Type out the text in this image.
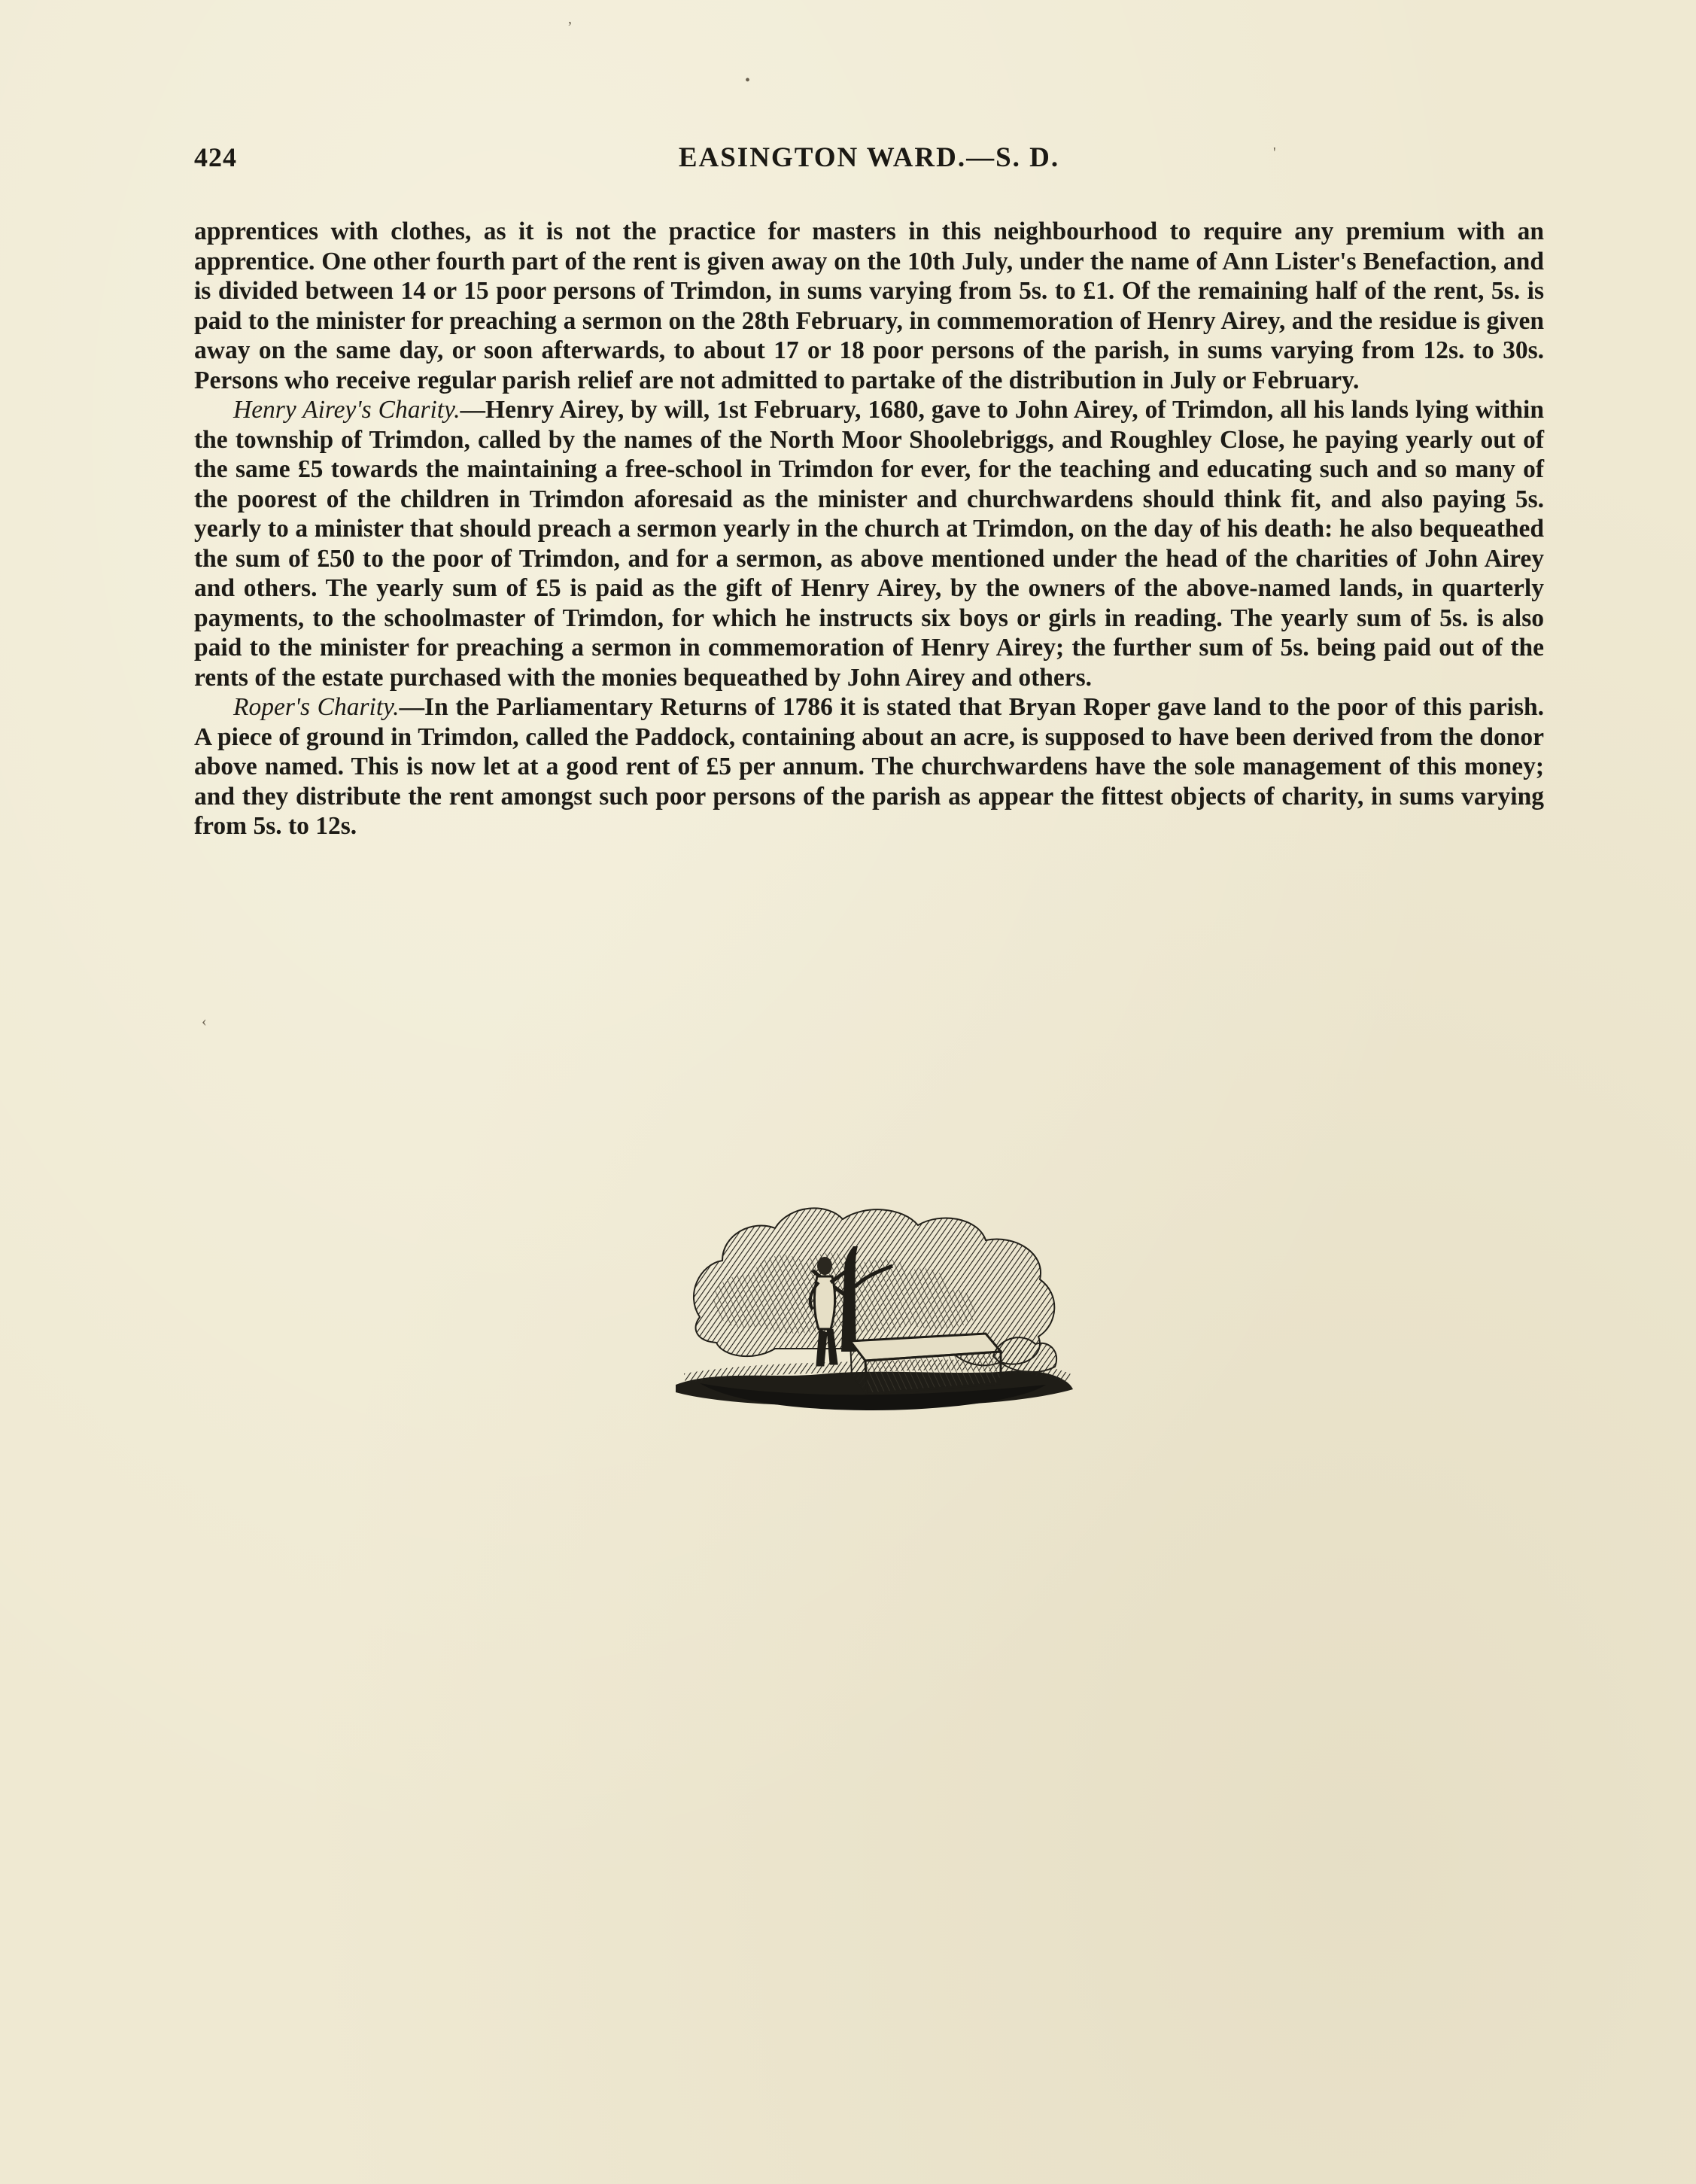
424	EASINGTON WARD.—S. D.

apprentices with clothes, as it is not the practice for masters in this neighbourhood to require any premium with an apprentice. One other fourth part of the rent is given away on the 10th July, under the name of Ann Lister's Benefaction, and is divided between 14 or 15 poor persons of Trimdon, in sums varying from 5s. to £1. Of the remaining half of the rent, 5s. is paid to the minister for preaching a sermon on the 28th February, in commemoration of Henry Airey, and the residue is given away on the same day, or soon afterwards, to about 17 or 18 poor persons of the parish, in sums varying from 12s. to 30s. Persons who receive regular parish relief are not admitted to partake of the distribution in July or February.

Henry Airey's Charity.—Henry Airey, by will, 1st February, 1680, gave to John Airey, of Trimdon, all his lands lying within the township of Trimdon, called by the names of the North Moor Shoolebriggs, and Roughley Close, he paying yearly out of the same £5 towards the maintaining a free-school in Trimdon for ever, for the teaching and educating such and so many of the poorest of the children in Trimdon aforesaid as the minister and churchwardens should think fit, and also paying 5s. yearly to a minister that should preach a sermon yearly in the church at Trimdon, on the day of his death: he also bequeathed the sum of £50 to the poor of Trimdon, and for a sermon, as above mentioned under the head of the charities of John Airey and others. The yearly sum of £5 is paid as the gift of Henry Airey, by the owners of the above-named lands, in quarterly payments, to the schoolmaster of Trimdon, for which he instructs six boys or girls in reading. The yearly sum of 5s. is also paid to the minister for preaching a sermon in commemoration of Henry Airey; the further sum of 5s. being paid out of the rents of the estate purchased with the monies bequeathed by John Airey and others.

Roper's Charity.—In the Parliamentary Returns of 1786 it is stated that Bryan Roper gave land to the poor of this parish. A piece of ground in Trimdon, called the Paddock, containing about an acre, is supposed to have been derived from the donor above named. This is now let at a good rent of £5 per annum. The churchwardens have the sole management of this money; and they distribute the rent amongst such poor persons of the parish as appear the fittest objects of charity, in sums varying from 5s. to 12s.

,
•
'
‹
